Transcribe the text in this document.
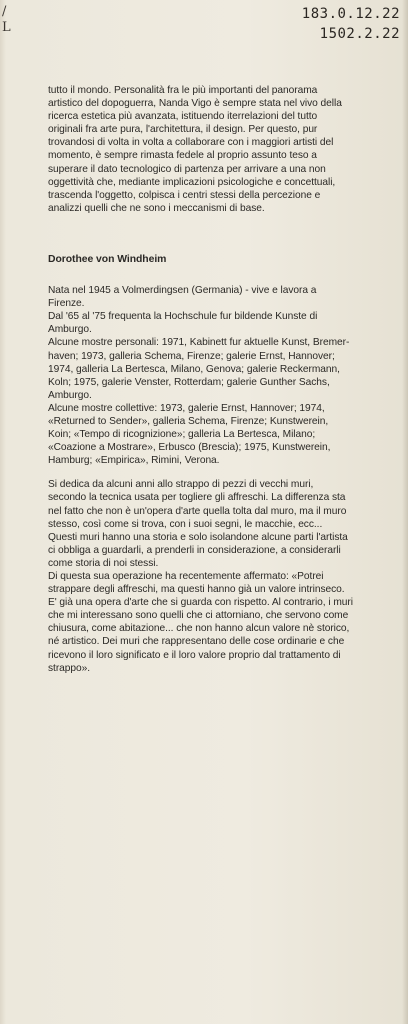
/ L
183.0.12.22
1502.2.22

tutto il mondo. Personalità fra le più importanti del panorama artistico del dopoguerra, Nanda Vigo è sempre stata nel vivo della ricerca estetica più avanzata, istituendo iterrelazioni del tutto originali fra arte pura, l'architettura, il design. Per questo, pur trovandosi di volta in volta a collaborare con i maggiori artisti del momento, è sempre rimasta fedele al proprio assunto teso a superare il dato tecnologico di partenza per arrivare a una non oggettività che, mediante implicazioni psicologiche e concettuali, trascenda l'oggetto, colpisca i centri stessi della percezione e analizzi quelli che ne sono i meccanismi di base.

Dorothee von Windheim

Nata nel 1945 a Volmerdingsen (Germania) - vive e lavora a Firenze.

Dal '65 al '75 frequenta la Hochschule fur bildende Kunste di Amburgo.

Alcune mostre personali: 1971, Kabinett fur aktuelle Kunst, Bremer-haven; 1973, galleria Schema, Firenze; galerie Ernst, Hannover; 1974, galleria La Bertesca, Milano, Genova; galerie Reckermann, Koln; 1975, galerie Venster, Rotterdam; galerie Gunther Sachs, Amburgo.

Alcune mostre collettive: 1973, galerie Ernst, Hannover; 1974, «Returned to Sender», galleria Schema, Firenze; Kunstwerein, Koin; «Tempo di ricognizione»; galleria La Bertesca, Milano; «Coazione a Mostrare», Erbusco (Brescia); 1975, Kunstwerein, Hamburg; «Empirica», Rimini, Verona.

Si dedica da alcuni anni allo strappo di pezzi di vecchi muri, secondo la tecnica usata per togliere gli affreschi. La differenza sta nel fatto che non è un'opera d'arte quella tolta dal muro, ma il muro stesso, così come si trova, con i suoi segni, le macchie, ecc...

Questi muri hanno una storia e solo isolandone alcune parti l'artista ci obbliga a guardarli, a prenderli in considerazione, a considerarli come storia di noi stessi.

Di questa sua operazione ha recentemente affermato: «Potrei strappare degli affreschi, ma questi hanno già un valore intrinseco. E' già una opera d'arte che si guarda con rispetto. Al contrario, i muri che mi interessano sono quelli che ci attorniano, che servono come chiusura, come abitazione... che non hanno alcun valore nè storico, né artistico. Dei muri che rappresentano delle cose ordinarie e che ricevono il loro significato e il loro valore proprio dal trattamento di strappo».
